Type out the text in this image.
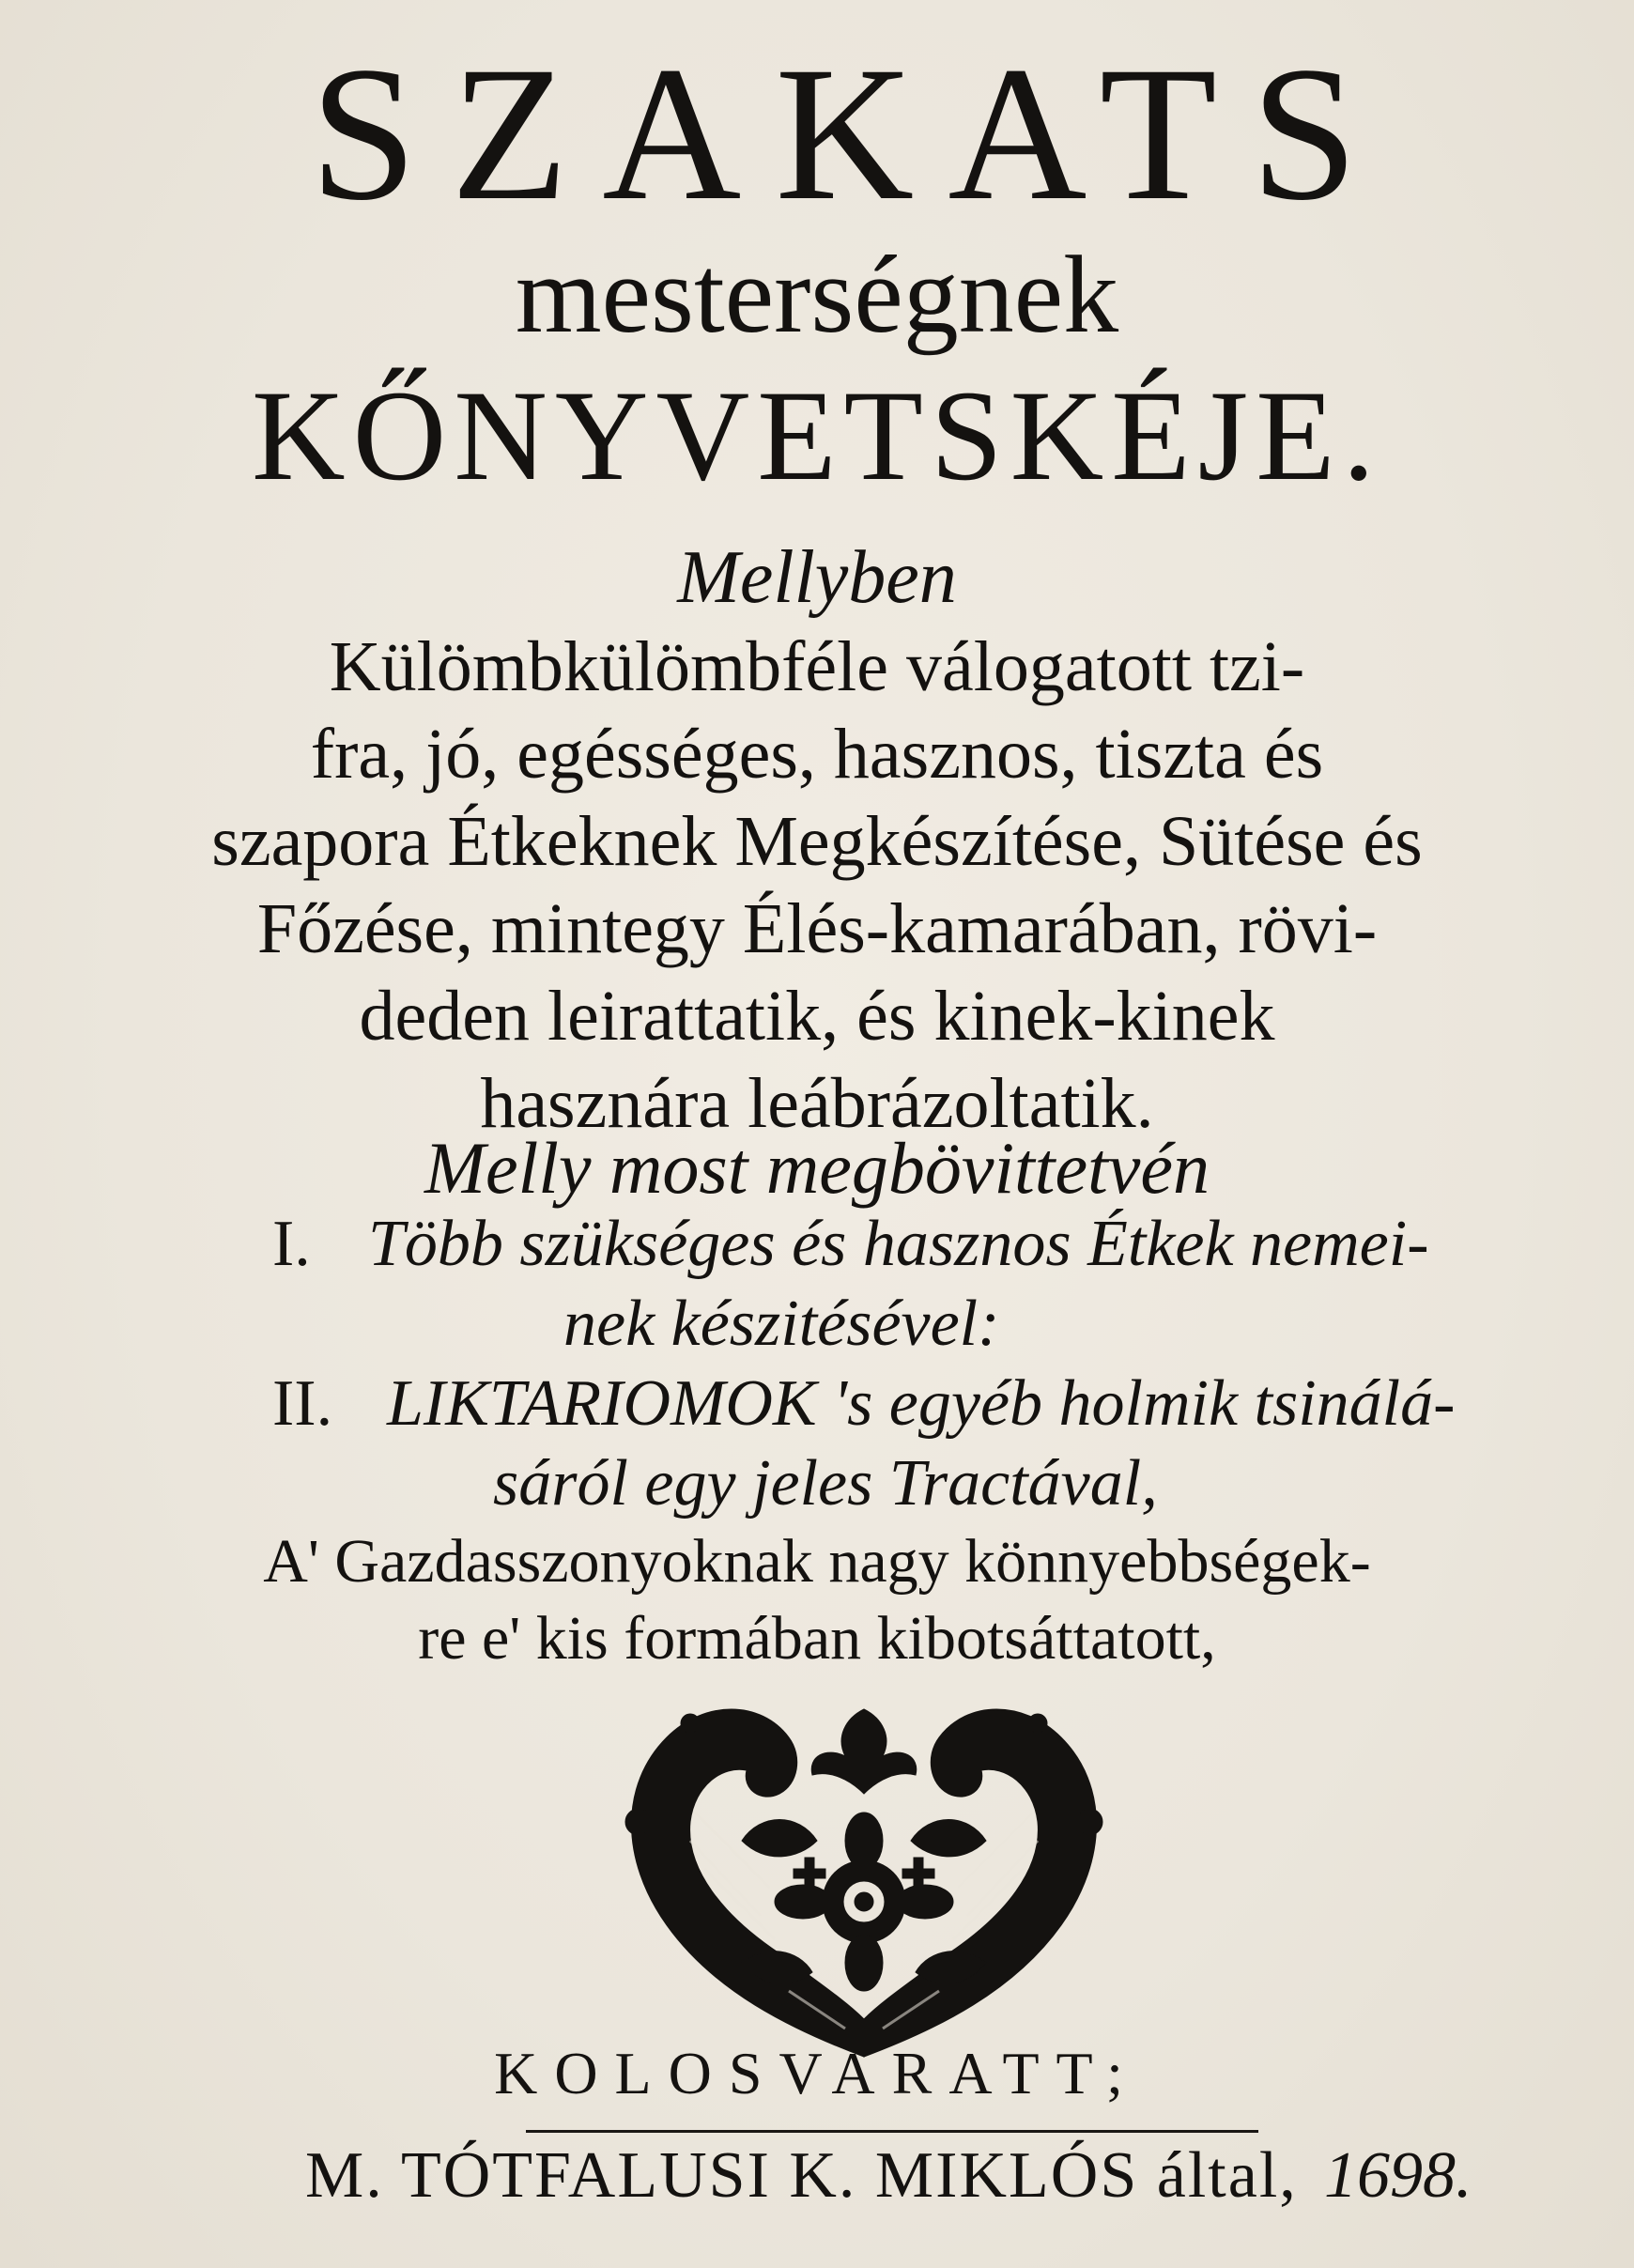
SZAKATS
mesterségnek
KŐNYVETSKÉJE.
Mellyben
Külömbkülömbféle válogatott tzi-
fra, jó, egésséges, hasznos, tiszta és
szapora Étkeknek Megkészítése, Sütése és
Főzése, mintegy Élés-kamarában, rövi-
deden leirattatik, és kinek-kinek
hasznára leábrázoltatik.
Melly most megbövittetvén
I. Több szükséges és hasznos Étkek nemei-
nek készitésével:
II. LIKTARIOMOK 's egyéb holmik tsinálá-
sáról egy jeles Tractával,
A' Gazdasszonyoknak nagy könnyebbségek-
re e' kis formában kibotsáttatott,
KOLOSVARATT;
M. TÓTFALUSI K. MIKLÓS által, 1698.
